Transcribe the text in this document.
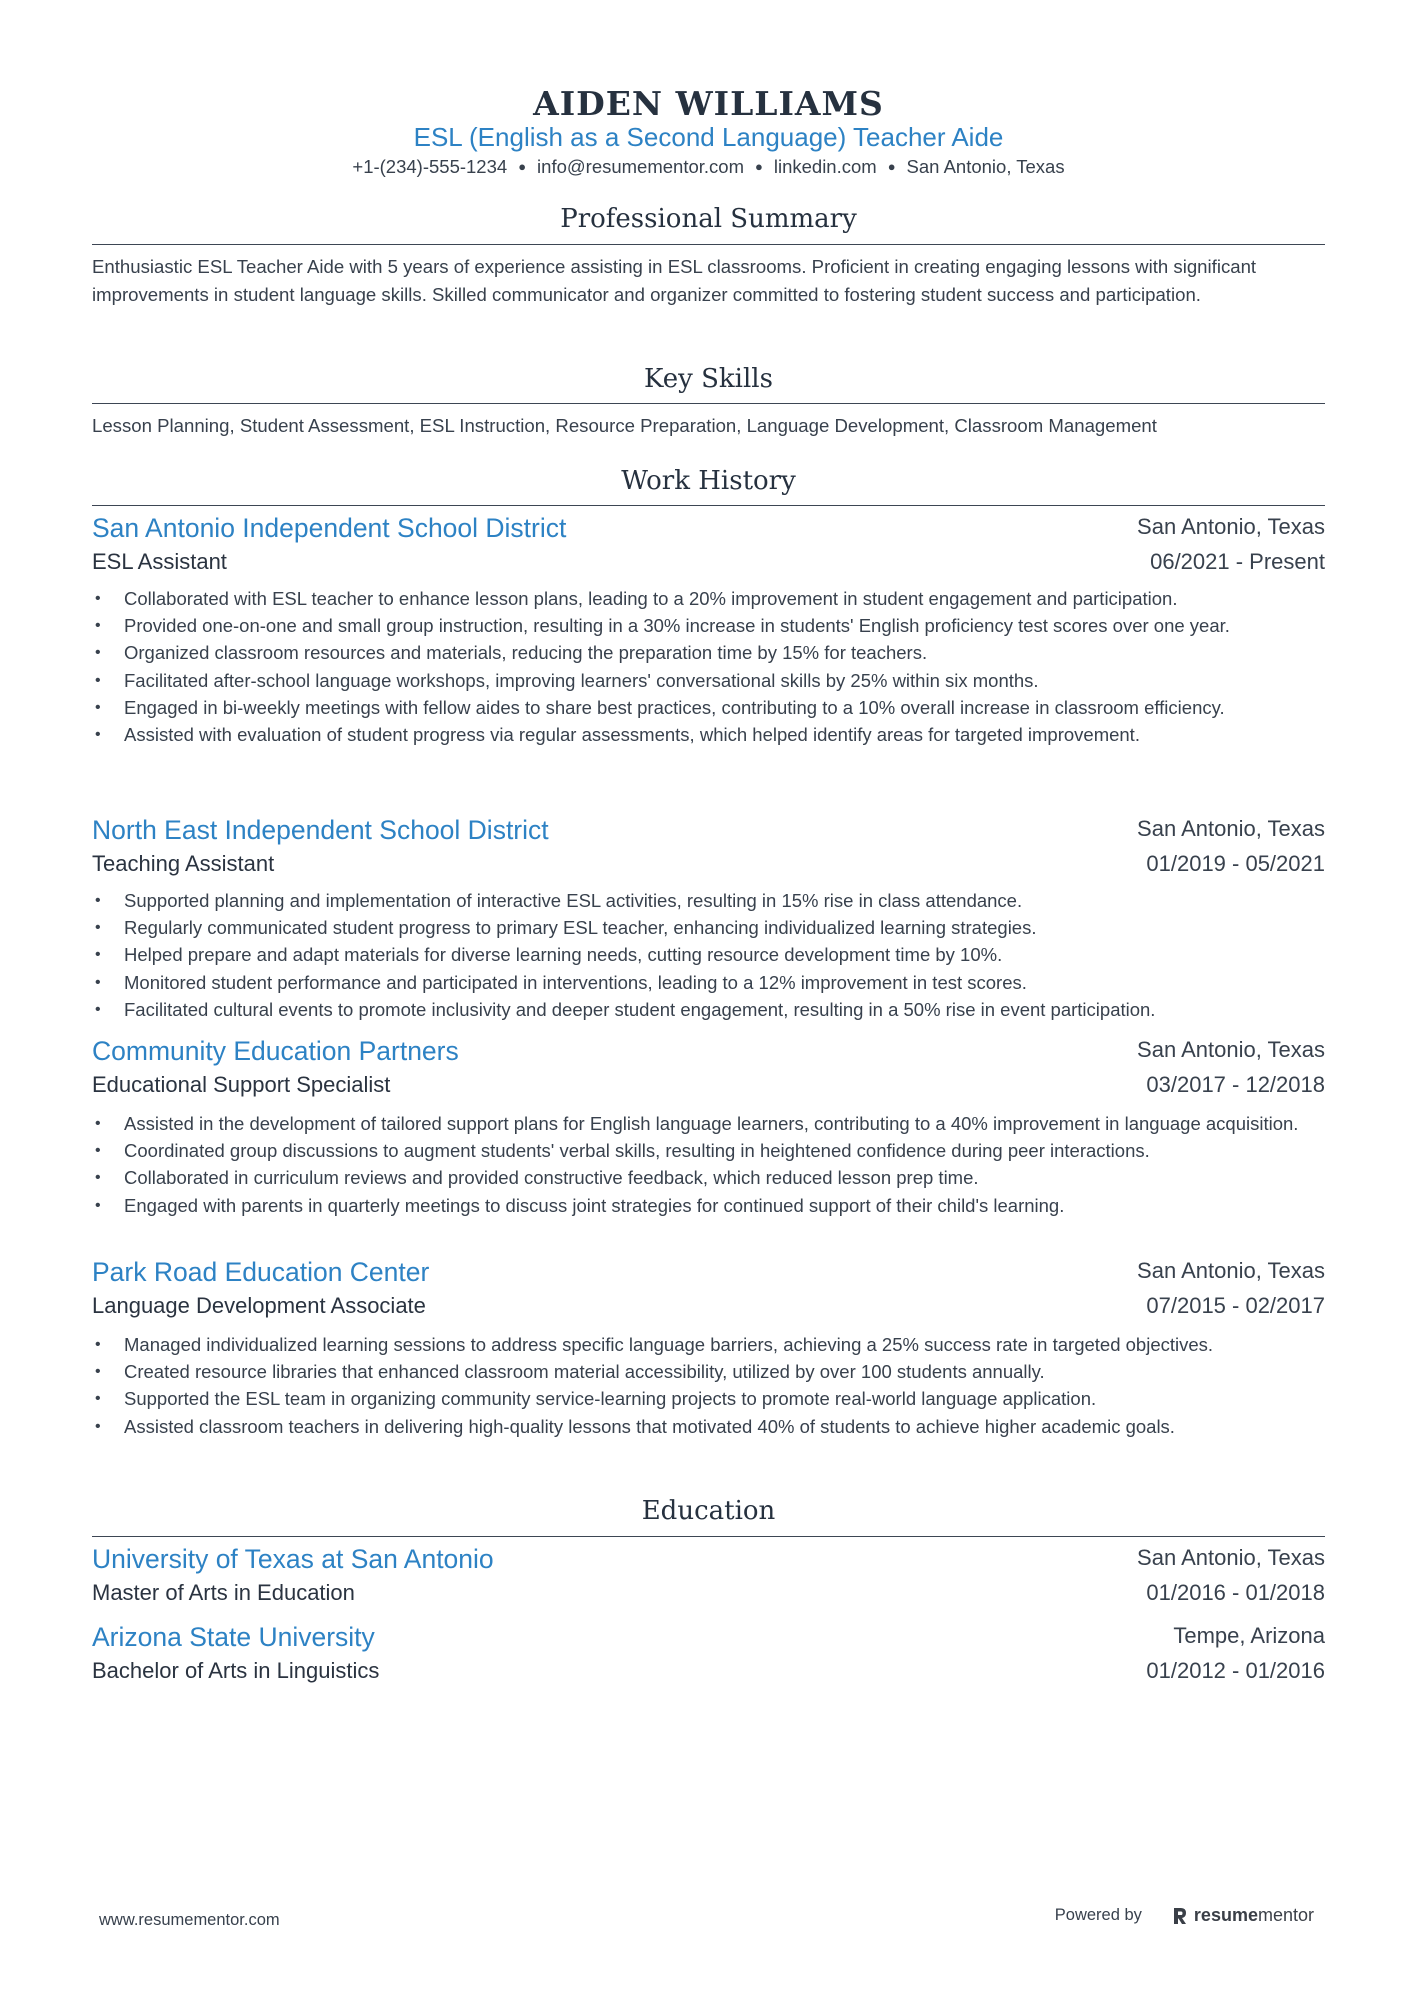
AIDEN WILLIAMS
ESL (English as a Second Language) Teacher Aide
+1-(234)-555-1234 ● info@resumementor.com ● linkedin.com ● San Antonio, Texas
Professional Summary
Enthusiastic ESL Teacher Aide with 5 years of experience assisting in ESL classrooms. Proficient in creating engaging lessons with significant improvements in student language skills. Skilled communicator and organizer committed to fostering student success and participation.
Key Skills
Lesson Planning, Student Assessment, ESL Instruction, Resource Preparation, Language Development, Classroom Management
Work History
San Antonio Independent School District	San Antonio, Texas
ESL Assistant	06/2021 - Present
• Collaborated with ESL teacher to enhance lesson plans, leading to a 20% improvement in student engagement and participation.
• Provided one-on-one and small group instruction, resulting in a 30% increase in students' English proficiency test scores over one year.
• Organized classroom resources and materials, reducing the preparation time by 15% for teachers.
• Facilitated after-school language workshops, improving learners' conversational skills by 25% within six months.
• Engaged in bi-weekly meetings with fellow aides to share best practices, contributing to a 10% overall increase in classroom efficiency.
• Assisted with evaluation of student progress via regular assessments, which helped identify areas for targeted improvement.
North East Independent School District	San Antonio, Texas
Teaching Assistant	01/2019 - 05/2021
• Supported planning and implementation of interactive ESL activities, resulting in 15% rise in class attendance.
• Regularly communicated student progress to primary ESL teacher, enhancing individualized learning strategies.
• Helped prepare and adapt materials for diverse learning needs, cutting resource development time by 10%.
• Monitored student performance and participated in interventions, leading to a 12% improvement in test scores.
• Facilitated cultural events to promote inclusivity and deeper student engagement, resulting in a 50% rise in event participation.
Community Education Partners	San Antonio, Texas
Educational Support Specialist	03/2017 - 12/2018
• Assisted in the development of tailored support plans for English language learners, contributing to a 40% improvement in language acquisition.
• Coordinated group discussions to augment students' verbal skills, resulting in heightened confidence during peer interactions.
• Collaborated in curriculum reviews and provided constructive feedback, which reduced lesson prep time.
• Engaged with parents in quarterly meetings to discuss joint strategies for continued support of their child's learning.
Park Road Education Center	San Antonio, Texas
Language Development Associate	07/2015 - 02/2017
• Managed individualized learning sessions to address specific language barriers, achieving a 25% success rate in targeted objectives.
• Created resource libraries that enhanced classroom material accessibility, utilized by over 100 students annually.
• Supported the ESL team in organizing community service-learning projects to promote real-world language application.
• Assisted classroom teachers in delivering high-quality lessons that motivated 40% of students to achieve higher academic goals.
Education
University of Texas at San Antonio	San Antonio, Texas
Master of Arts in Education	01/2016 - 01/2018
Arizona State University	Tempe, Arizona
Bachelor of Arts in Linguistics	01/2012 - 01/2016
www.resumementor.com	Powered by	resume mentor
